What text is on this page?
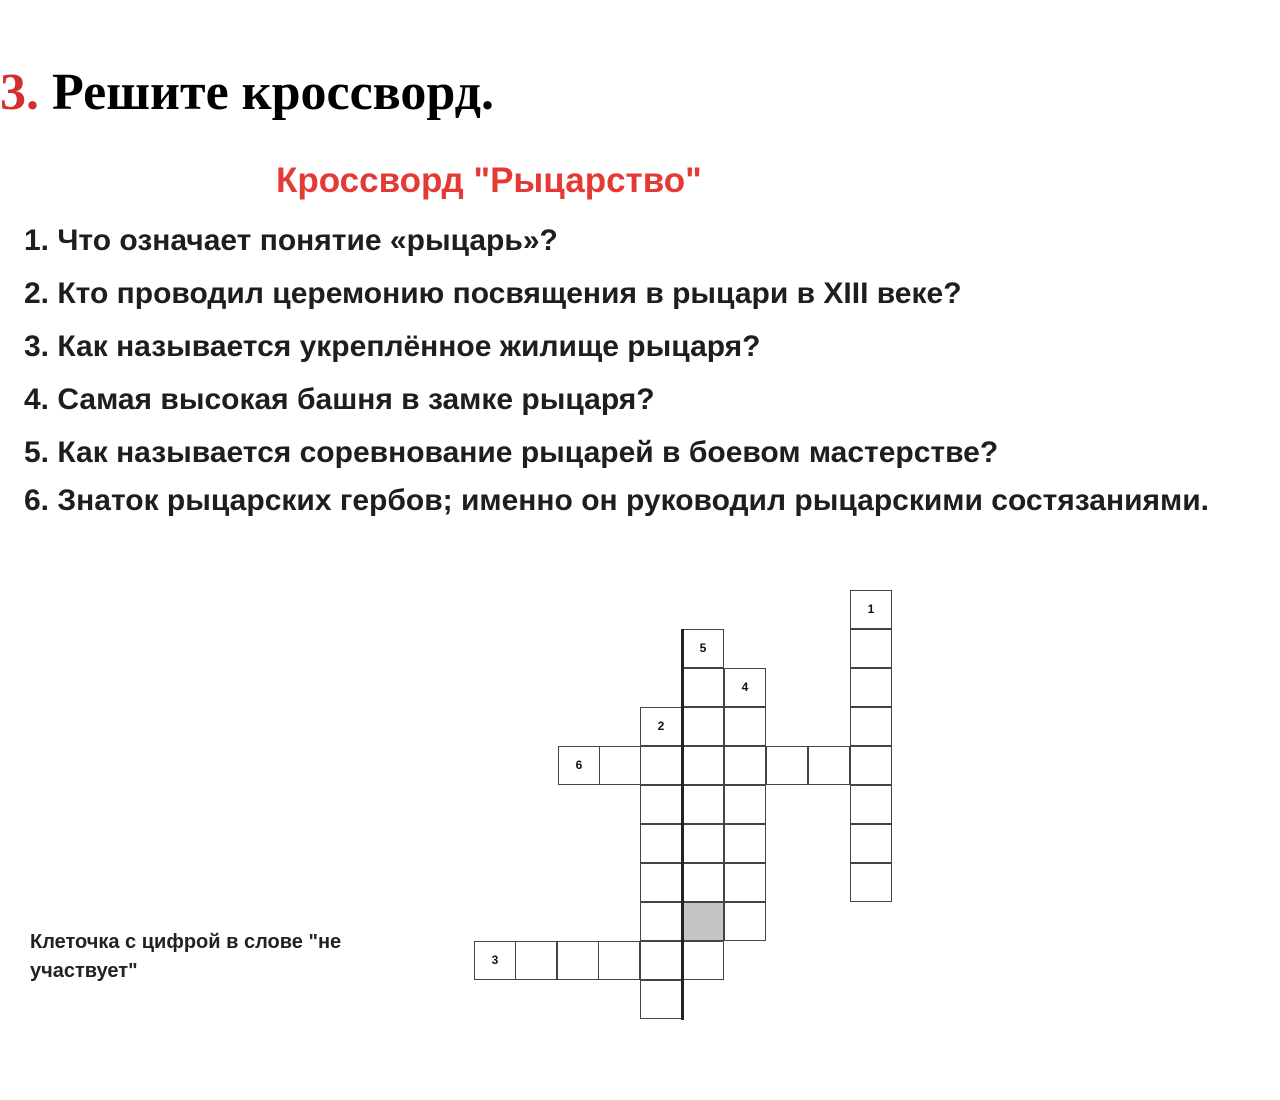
3. Решите кроссворд.
Кроссворд "Рыцарство"
1. Что означает понятие «рыцарь»?
2. Кто проводил церемонию посвящения в рыцари в XIII веке?
3. Как называется укреплённое жилище рыцаря?
4. Самая высокая башня в замке рыцаря?
5. Как называется соревнование рыцарей в боевом мастерстве?
6. Знаток рыцарских гербов; именно он руководил рыцарскими состязаниями.
Клеточка с цифрой в слове "не участвует"
1
5
4
2
6
3
